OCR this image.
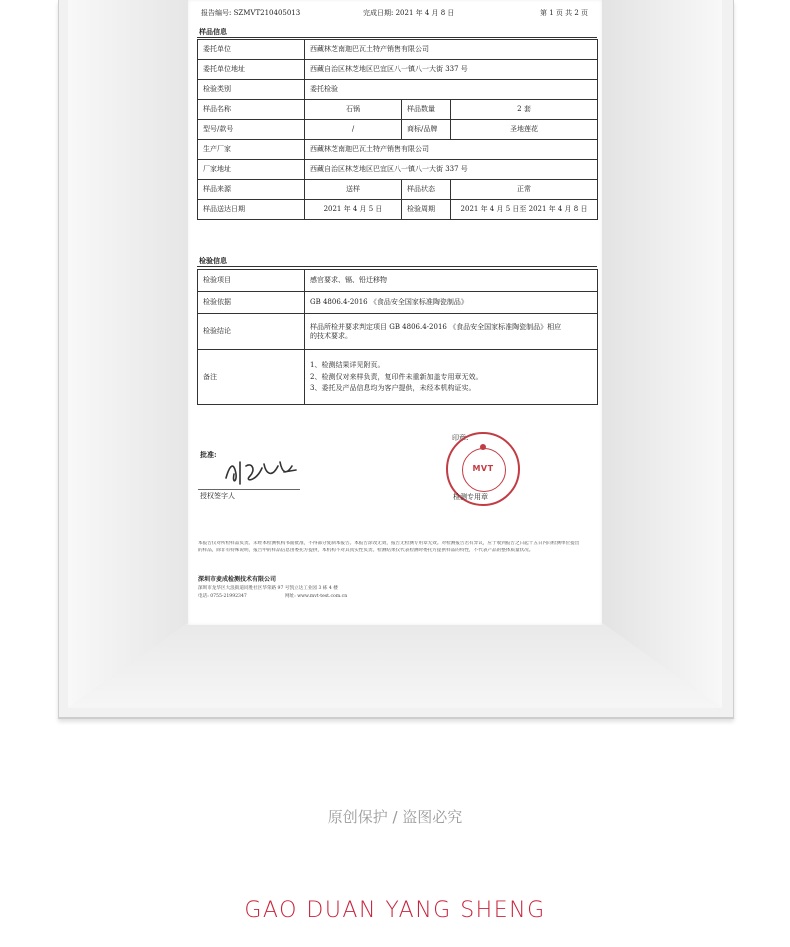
报告编号: SZMVT210405013	完成日期: 2021 年 4 月 8 日	第 1 页 共 2 页
样品信息
委托单位	西藏林芝南迦巴瓦土特产销售有限公司		
委托单位地址	西藏自治区林芝地区巴宜区八一镇八一大街 337 号		
检验类别	委托检验		
样品名称	石锅	样品数量	2 套
型号/款号	/	商标/品牌	圣地莲花
生产厂家	西藏林芝南迦巴瓦土特产销售有限公司		
厂家地址	西藏自治区林芝地区巴宜区八一镇八一大街 337 号		
样品来源	送样	样品状态	正常
样品送达日期	2021 年 4 月 5 日	检验周期	2021 年 4 月 5 日至 2021 年 4 月 8 日
检验信息
检验项目	感官要求、镉、铅迁移物
检验依据	GB 4806.4-2016 《食品安全国家标准陶瓷制品》
检验结论	样品所检并要求判定项目 GB 4806.4-2016 《食品安全国家标准陶瓷制品》相应
的技术要求。

备注	1、检测结果详见附页。
2、检测仅对来样负责，复印件未重新加盖专用章无效。
3、委托及产品信息均为客户提供，未经本机构证实。
批准:
授权签字人
印章:
MVT
检测专用章
本报告仅对所检样品负责。未经本检测机构书面批准，不得部分复制本报告。本报告涂改无效，报告无检测专用章无效。对检测报告若有异议，应于收到报告之日起十五日内向检测单位提出
的样品，除非有特殊说明，报告中的样品信息由委托方提供，本机构不对其真实性负责。检测结果仅代表检测时委托方提供样品的特性，不代表产品的整体质量状况。
深圳市麦成检测技术有限公司
深圳市龙华区大浪街道同胜社区华荣路 97 号凯立达工业园 3 栋 4 楼
电话: 0755-21992347	网址: www.mvt-test.com.cn
原创保护 / 盗图必究
GAO DUAN YANG SHENG
